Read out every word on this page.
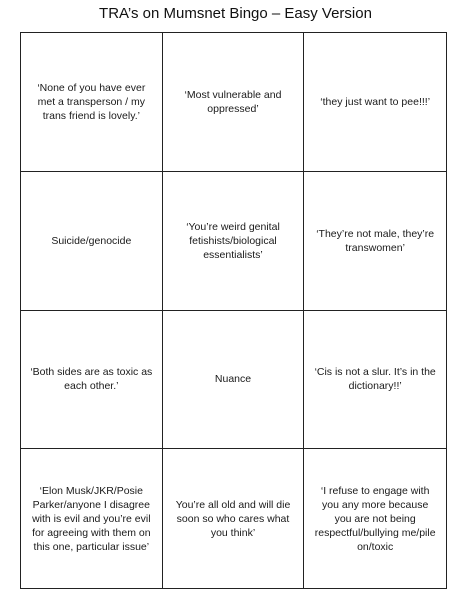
TRA’s on Mumsnet Bingo – Easy Version
‘None of you have ever met a transperson / my trans friend is lovely.’
‘Most vulnerable and oppressed’
‘they just want to pee!!!’
Suicide/genocide
‘You’re weird genital fetishists/biological essentialists’
‘They’re not male, they’re transwomen’
‘Both sides are as toxic as each other.’
Nuance
‘Cis is not a slur. It’s in the dictionary!!’
‘Elon Musk/JKR/Posie Parker/anyone I disagree with is evil and you’re evil for agreeing with them on this one, particular issue’
You’re all old and will die soon so who cares what you think’
‘I refuse to engage with you any more because you are not being respectful/bullying me/pile on/toxic
